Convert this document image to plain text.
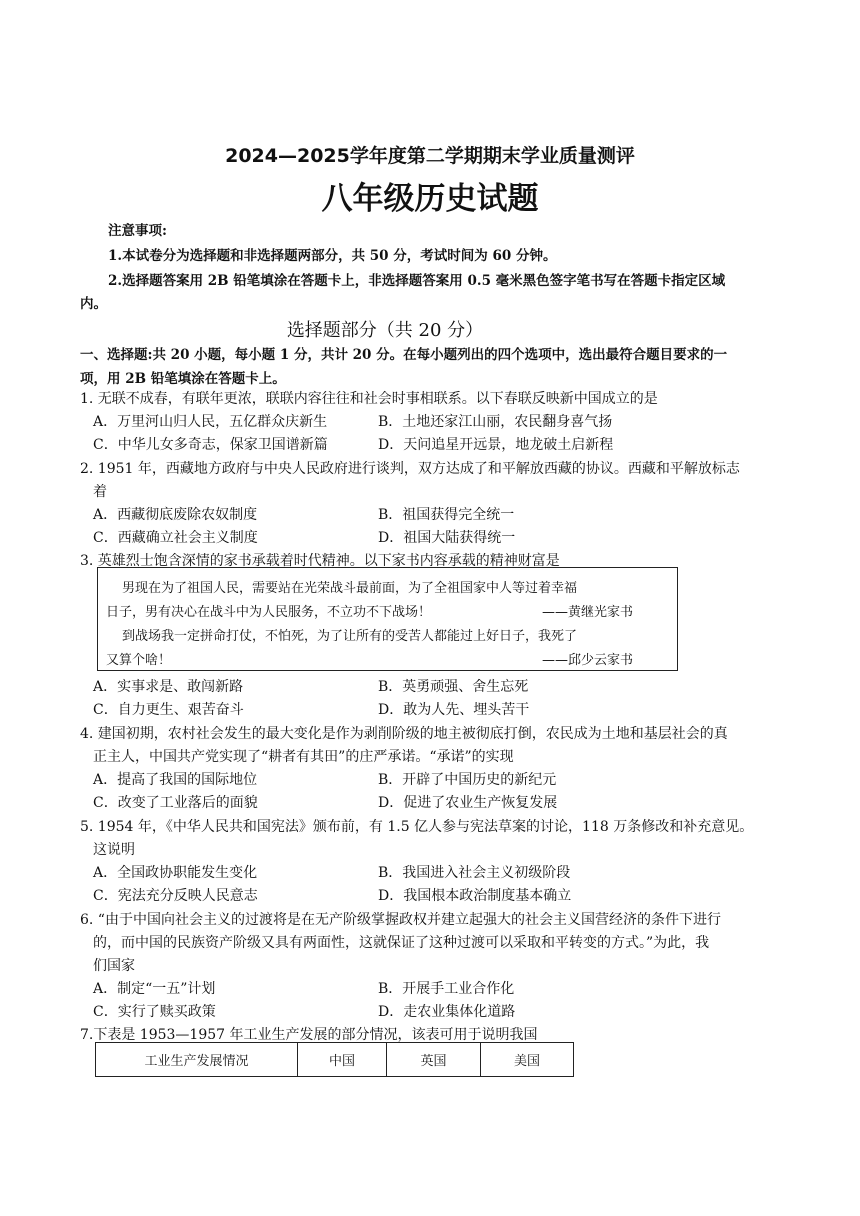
2024—2025学年度第二学期期末学业质量测评
八年级历史试题
注意事项:
1.本试卷分为选择题和非选择题两部分，共 50 分，考试时间为 60 分钟。
2.选择题答案用 2B 铅笔填涂在答题卡上，非选择题答案用 0.5 毫米黑色签字笔书写在答题卡指定区域
内。
选择题部分（共 20 分）
一、选择题:共 20 小题，每小题 1 分，共计 20 分。在每小题列出的四个选项中，选出最符合题目要求的一
项，用 2B 铅笔填涂在答题卡上。
1. 无联不成春，有联年更浓，联联内容往往和社会时事相联系。以下春联反映新中国成立的是
A．万里河山归人民，五亿群众庆新生	B．土地还家江山丽，农民翻身喜气扬
C．中华儿女多奇志，保家卫国谱新篇	D．天问追星开远景，地龙破土启新程
2. 1951 年，西藏地方政府与中央人民政府进行谈判，双方达成了和平解放西藏的协议。西藏和平解放标志
着
A．西藏彻底废除农奴制度	B．祖国获得完全统一
C．西藏确立社会主义制度	D．祖国大陆获得统一
3. 英雄烈士饱含深情的家书承载着时代精神。以下家书内容承载的精神财富是
男现在为了祖国人民，需要站在光荣战斗最前面，为了全祖国家中人等过着幸福
日子，男有决心在战斗中为人民服务，不立功不下战场！	——黄继光家书
到战场我一定拼命打仗，不怕死，为了让所有的受苦人都能过上好日子，我死了
又算个啥！	——邱少云家书
A．实事求是、敢闯新路	B．英勇顽强、舍生忘死
C．自力更生、艰苦奋斗	D．敢为人先、埋头苦干
4. 建国初期，农村社会发生的最大变化是作为剥削阶级的地主被彻底打倒，农民成为土地和基层社会的真
正主人，中国共产党实现了“耕者有其田”的庄严承诺。“承诺”的实现
A．提高了我国的国际地位	B．开辟了中国历史的新纪元
C．改变了工业落后的面貌	D．促进了农业生产恢复发展
5. 1954 年，《中华人民共和国宪法》颁布前，有 1.5 亿人参与宪法草案的讨论，118 万条修改和补充意见。
这说明
A．全国政协职能发生变化	B．我国进入社会主义初级阶段
C．宪法充分反映人民意志	D．我国根本政治制度基本确立
6. “由于中国向社会主义的过渡将是在无产阶级掌握政权并建立起强大的社会主义国营经济的条件下进行
的，而中国的民族资产阶级又具有两面性，这就保证了这种过渡可以采取和平转变的方式。”为此，我
们国家
A．制定“一五”计划	B．开展手工业合作化
C．实行了赎买政策	D．走农业集体化道路
7.下表是 1953—1957 年工业生产发展的部分情况，该表可用于说明我国
工业生产发展情况	中国	英国	美国
